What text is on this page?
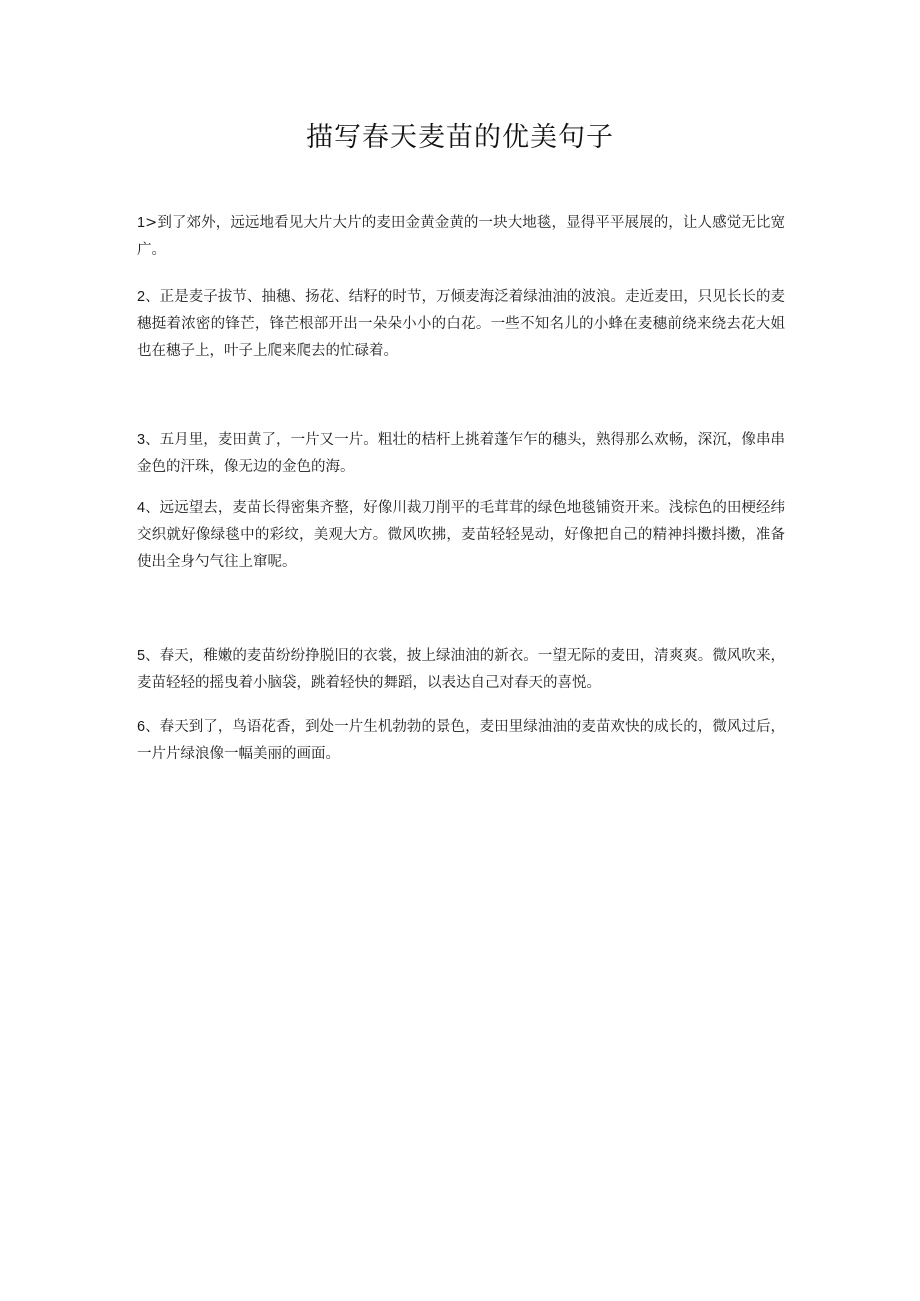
描写春天麦苗的优美句子

1>到了郊外，远远地看见大片大片的麦田金黄金黄的一块大地毯，显得平平展展的，让人感觉无比宽广。

2、正是麦子拔节、抽穗、扬花、结籽的时节，万倾麦海泛着绿油油的波浪。走近麦田，只见长长的麦穗挺着浓密的锋芒，锋芒根部开出一朵朵小小的白花。一些不知名儿的小蜂在麦穗前绕来绕去花大姐也在穗子上，叶子上爬来爬去的忙碌着。

3、五月里，麦田黄了，一片又一片。粗壮的桔杆上挑着蓬乍乍的穗头，熟得那么欢畅，深沉，像串串金色的汗珠，像无边的金色的海。

4、远远望去，麦苗长得密集齐整，好像川裁刀削平的毛茸茸的绿色地毯铺资开来。浅棕色的田梗经纬交织就好像绿毯中的彩纹，美观大方。微风吹拂，麦苗轻轻晃动，好像把自己的精神抖擞抖擞，准备使出全身勺气往上窜呢。

5、春天，稚嫩的麦苗纷纷挣脱旧的衣裳，披上绿油油的新衣。一望无际的麦田，清爽爽。微风吹来，麦苗轻轻的摇曳着小脑袋，跳着轻快的舞蹈，以表达自己对春天的喜悦。

6、春天到了，鸟语花香，到处一片生机勃勃的景色，麦田里绿油油的麦苗欢快的成长的，微风过后，一片片绿浪像一幅美丽的画面。
